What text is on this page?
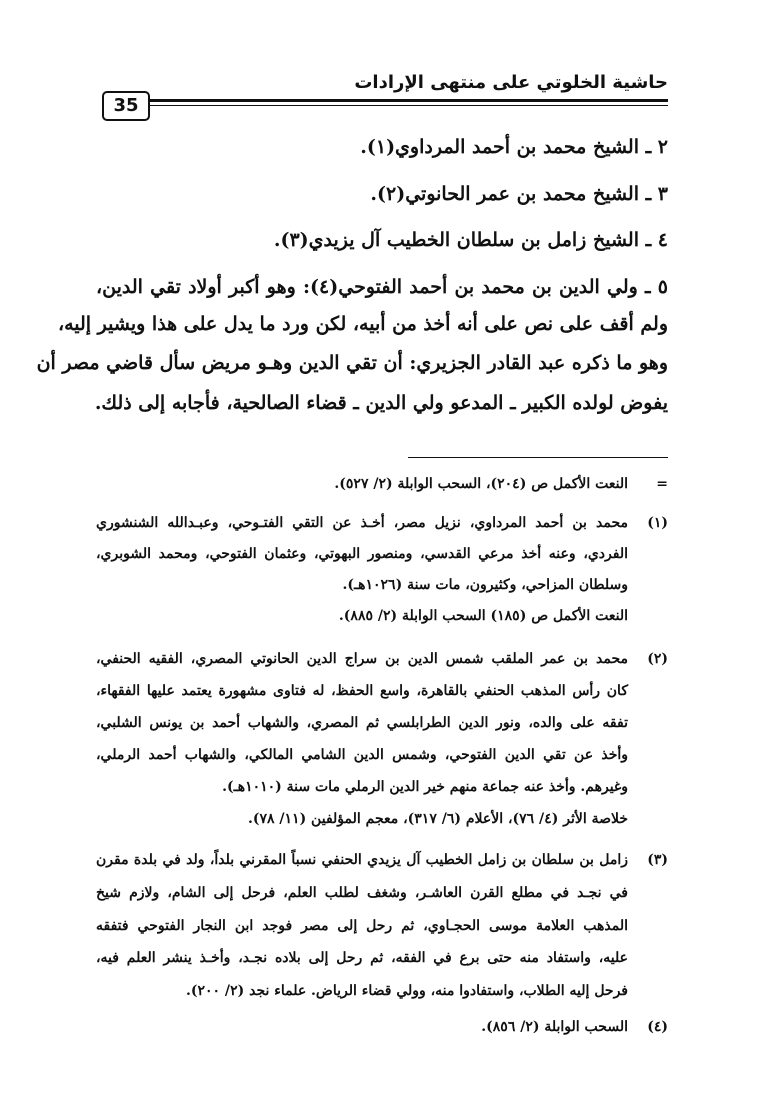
حاشية الخلوتي على منتهى الإرادات
35
٢ ـ الشيخ محمد بن أحمد المرداوي(١).
٣ ـ الشيخ محمد بن عمر الحانوتي(٢).
٤ ـ الشيخ زامل بن سلطان الخطيب آل يزيدي(٣).
٥ ـ ولي الدين بن محمد بن أحمد الفتوحي(٤): وهو أكبر أولاد تقي الدين،
ولم أقف على نص على أنه أخذ من أبيه، لكن ورد ما يدل على هذا ويشير إليه،
وهو ما ذكره عبد القادر الجزيري: أن تقي الدين وهـو مريض سأل قاضي مصر أن
يفوض لولده الكبير ـ المدعو ولي الدين ـ قضاء الصالحية، فأجابه إلى ذلك.
=
النعت الأكمل ص (٢٠٤)، السحب الوابلة (٢/ ٥٢٧).
(١)
محمد بن أحمد المرداوي، نزيل مصر، أخـذ عن التقي الفتـوحي، وعبـدالله الشنشوري
الفردي، وعنه أخذ مرعي القدسي، ومنصور البهوتي، وعثمان الفتوحي، ومحمد الشوبري،
وسلطان المزاحي، وكثيرون، مات سنة (١٠٢٦هـ).
النعت الأكمل ص (١٨٥) السحب الوابلة (٢/ ٨٨٥).
(٢)
محمد بن عمر الملقب شمس الدين بن سراج الدين الحانوتي المصري، الفقيه الحنفي،
كان رأس المذهب الحنفي بالقاهرة، واسع الحفظ، له فتاوى مشهورة يعتمد عليها الفقهاء،
تفقه على والده، ونور الدين الطرابلسي ثم المصري، والشهاب أحمد بن يونس الشلبي،
وأخذ عن تقي الدين الفتوحي، وشمس الدين الشامي المالكي، والشهاب أحمد الرملي،
وغيرهم. وأخذ عنه جماعة منهم خير الدين الرملي مات سنة (١٠١٠هـ).
خلاصة الأثر (٤/ ٧٦)، الأعلام (٦/ ٣١٧)، معجم المؤلفين (١١/ ٧٨).
(٣)
زامل بن سلطان بن زامل الخطيب آل يزيدي الحنفي نسباً المقرني بلداً، ولد في بلدة مقرن
في نجـد في مطلع القرن العاشـر، وشغف لطلب العلم، فرحل إلى الشام، ولازم شيخ
المذهب العلامة موسى الحجـاوي، ثم رحل إلى مصر فوجد ابن النجار الفتوحي فتفقه
عليه، واستفاد منه حتى برع في الفقه، ثم رحل إلى بلاده نجـد، وأخـذ ينشر العلم فيه،
فرحل إليه الطلاب، واستفادوا منه، وولي قضاء الرياض. علماء نجد (٢/ ٢٠٠).
(٤)
السحب الوابلة (٢/ ٨٥٦).
